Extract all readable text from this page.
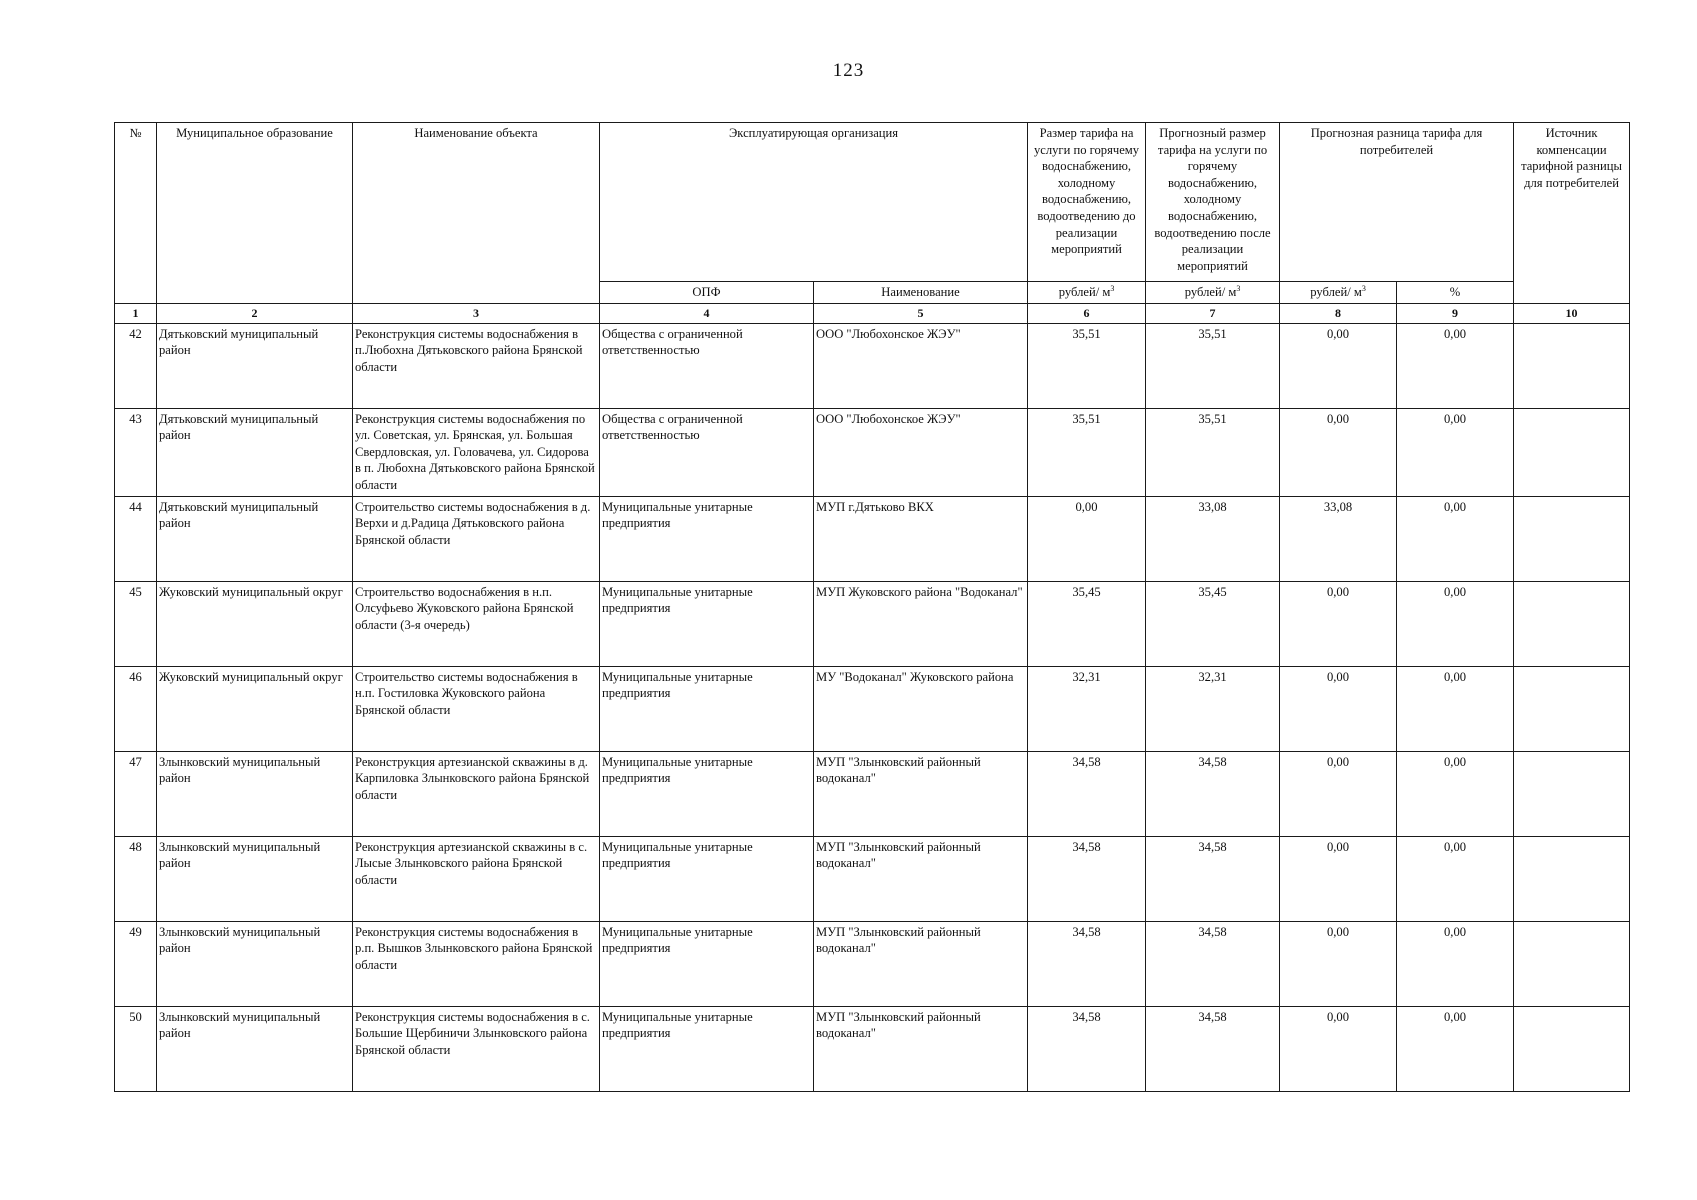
123
№	Муниципальное образование	Наименование объекта	Эксплуатирующая организация		Размер тарифа на услуги по горячему водоснабжению, холодному водоснабжению, водоотведению до реализации мероприятий	Прогнозный размер тарифа на услуги по горячему водоснабжению, холодному водоснабжению, водоотведению после реализации мероприятий	Прогнозная разница тарифа для потребителей		Источник компенсации тарифной разницы для потребителей
			ОПФ	Наименование	рублей/ $м^3$	рублей/ $м^3$	рублей/ $м^3$	%	
1	2	3	4	5	6	7	8	9	10
42	Дятьковский муниципальный район	Реконструкция системы водоснабжения в п.Любохна Дятьковского района Брянской области	Общества с ограниченной ответственностью	ООО "Любохонское ЖЭУ"	35,51	35,51	0,00	0,00	
43	Дятьковский муниципальный район	Реконструкция системы водоснабжения по ул. Советская, ул. Брянская, ул. Большая Свердловская, ул. Головачева, ул. Сидорова в п. Любохна Дятьковского района Брянской области	Общества с ограниченной ответственностью	ООО "Любохонское ЖЭУ"	35,51	35,51	0,00	0,00	
44	Дятьковский муниципальный район	Строительство системы водоснабжения в д. Верхи и д.Радица Дятьковского района Брянской области	Муниципальные унитарные предприятия	МУП г.Дятьково ВКХ	0,00	33,08	33,08	0,00	
45	Жуковский муниципальный округ	Строительство водоснабжения в н.п. Олсуфьево Жуковского района Брянской области (3-я очередь)	Муниципальные унитарные предприятия	МУП Жуковского района "Водоканал"	35,45	35,45	0,00	0,00	
46	Жуковский муниципальный округ	Строительство системы водоснабжения в н.п. Гостиловка Жуковского района Брянской области	Муниципальные унитарные предприятия	МУ "Водоканал" Жуковского района	32,31	32,31	0,00	0,00	
47	Злынковский муниципальный район	Реконструкция артезианской скважины в д. Карпиловка Злынковского района Брянской области	Муниципальные унитарные предприятия	МУП "Злынковский районный водоканал"	34,58	34,58	0,00	0,00	
48	Злынковский муниципальный район	Реконструкция артезианской скважины в с. Лысые Злынковского района Брянской области	Муниципальные унитарные предприятия	МУП "Злынковский районный водоканал"	34,58	34,58	0,00	0,00	
49	Злынковский муниципальный район	Реконструкция системы водоснабжения в р.п. Вышков Злынковского района Брянской области	Муниципальные унитарные предприятия	МУП "Злынковский районный водоканал"	34,58	34,58	0,00	0,00	
50	Злынковский муниципальный район	Реконструкция системы водоснабжения в с. Большие Щербиничи Злынковского района Брянской области	Муниципальные унитарные предприятия	МУП "Злынковский районный водоканал"	34,58	34,58	0,00	0,00	
